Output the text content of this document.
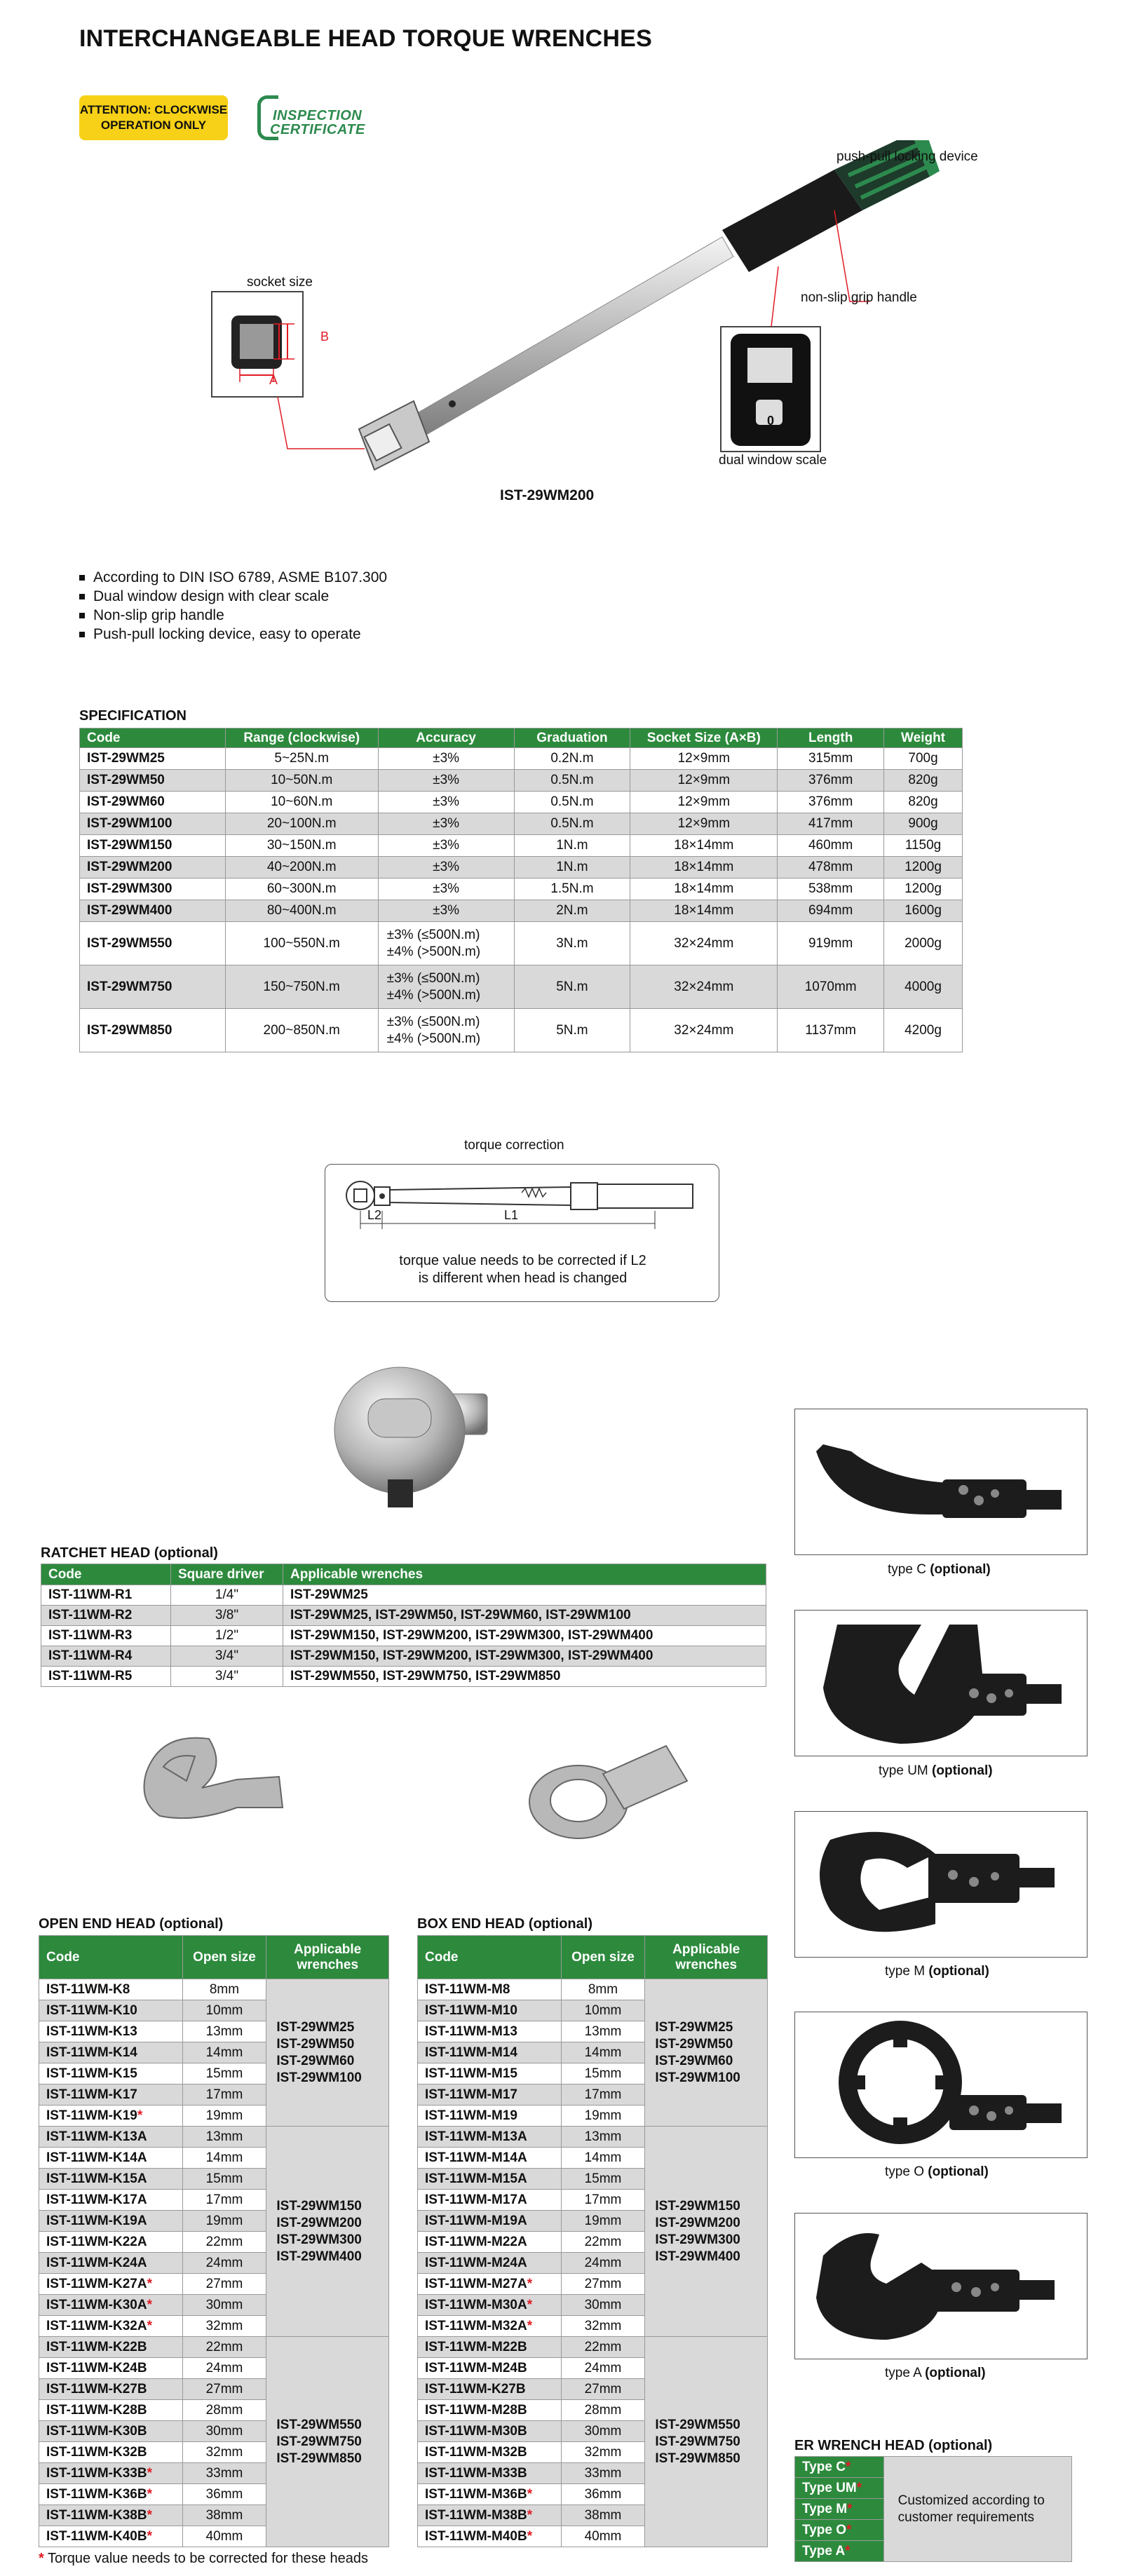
INTERCHANGEABLE HEAD TORQUE WRENCHES
ATTENTION: CLOCKWISE
OPERATION ONLY
INSPECTION
CERTIFICATE
push-pull locking device
socket size
non-slip grip handle
dual window scale
A
B
0
IST-29WM200
According to DIN ISO 6789, ASME B107.300
Dual window design with clear scale
Non-slip grip handle
Push-pull locking device, easy to operate
SPECIFICATION
Code	Range (clockwise)	Accuracy	Graduation	Socket Size (A×B)	Length	Weight
IST-29WM25	5~25N.m	±3%	0.2N.m	12×9mm	315mm	700g
IST-29WM50	10~50N.m	±3%	0.5N.m	12×9mm	376mm	820g
IST-29WM60	10~60N.m	±3%	0.5N.m	12×9mm	376mm	820g
IST-29WM100	20~100N.m	±3%	0.5N.m	12×9mm	417mm	900g
IST-29WM150	30~150N.m	±3%	1N.m	18×14mm	460mm	1150g
IST-29WM200	40~200N.m	±3%	1N.m	18×14mm	478mm	1200g
IST-29WM300	60~300N.m	±3%	1.5N.m	18×14mm	538mm	1200g
IST-29WM400	80~400N.m	±3%	2N.m	18×14mm	694mm	1600g
IST-29WM550	100~550N.m	±3% (≤500N.m)
±4% (>500N.m)	3N.m	32×24mm	919mm	2000g
IST-29WM750	150~750N.m	±3% (≤500N.m)
±4% (>500N.m)	5N.m	32×24mm	1070mm	4000g
IST-29WM850	200~850N.m	±3% (≤500N.m)
±4% (>500N.m)	5N.m	32×24mm	1137mm	4200g
torque correction
L2	L1
torque value needs to be corrected if L2
is different when head is changed
RATCHET HEAD (optional)
Code	Square driver	Applicable wrenches
IST-11WM-R1	1/4"	IST-29WM25
IST-11WM-R2	3/8"	IST-29WM25, IST-29WM50, IST-29WM60, IST-29WM100
IST-11WM-R3	1/2"	IST-29WM150, IST-29WM200, IST-29WM300, IST-29WM400
IST-11WM-R4	3/4"	IST-29WM150, IST-29WM200, IST-29WM300, IST-29WM400
IST-11WM-R5	3/4"	IST-29WM550, IST-29WM750, IST-29WM850
OPEN END HEAD (optional)
Code	Open size	Applicable
wrenches
IST-11WM-K8	8mm	IST-29WM25
IST-29WM50
IST-29WM60
IST-29WM100

IST-11WM-K10	10mm	
IST-11WM-K13	13mm	
IST-11WM-K14	14mm	
IST-11WM-K15	15mm	
IST-11WM-K17	17mm	
IST-11WM-K19*	19mm	
IST-11WM-K13A	13mm	IST-29WM150
IST-29WM200
IST-29WM300
IST-29WM400

IST-11WM-K14A	14mm	
IST-11WM-K15A	15mm	
IST-11WM-K17A	17mm	
IST-11WM-K19A	19mm	
IST-11WM-K22A	22mm	
IST-11WM-K24A	24mm	
IST-11WM-K27A*	27mm	
IST-11WM-K30A*	30mm	
IST-11WM-K32A*	32mm	
IST-11WM-K22B	22mm	IST-29WM550
IST-29WM750
IST-29WM850

IST-11WM-K24B	24mm	
IST-11WM-K27B	27mm	
IST-11WM-K28B	28mm	
IST-11WM-K30B	30mm	
IST-11WM-K32B	32mm	
IST-11WM-K33B*	33mm	
IST-11WM-K36B*	36mm	
IST-11WM-K38B*	38mm	
IST-11WM-K40B*	40mm	
BOX END HEAD (optional)
Code	Open size	Applicable
wrenches
IST-11WM-M8	8mm	IST-29WM25
IST-29WM50
IST-29WM60
IST-29WM100

IST-11WM-M10	10mm	
IST-11WM-M13	13mm	
IST-11WM-M14	14mm	
IST-11WM-M15	15mm	
IST-11WM-M17	17mm	
IST-11WM-M19	19mm	
IST-11WM-M13A	13mm	IST-29WM150
IST-29WM200
IST-29WM300
IST-29WM400

IST-11WM-M14A	14mm	
IST-11WM-M15A	15mm	
IST-11WM-M17A	17mm	
IST-11WM-M19A	19mm	
IST-11WM-M22A	22mm	
IST-11WM-M24A	24mm	
IST-11WM-M27A*	27mm	
IST-11WM-M30A*	30mm	
IST-11WM-M32A*	32mm	
IST-11WM-M22B	22mm	IST-29WM550
IST-29WM750
IST-29WM850

IST-11WM-M24B	24mm	
IST-11WM-K27B	27mm	
IST-11WM-M28B	28mm	
IST-11WM-M30B	30mm	
IST-11WM-M32B	32mm	
IST-11WM-M33B	33mm	
IST-11WM-M36B*	36mm	
IST-11WM-M38B*	38mm	
IST-11WM-M40B*	40mm	
* Torque value needs to be corrected for these heads
type C (optional)
type UM (optional)
type M (optional)
type O (optional)
type A (optional)
ER WRENCH HEAD (optional)
Type C*	Customized according to customer requirements
Type UM*
Type M*
Type O*
Type A*
